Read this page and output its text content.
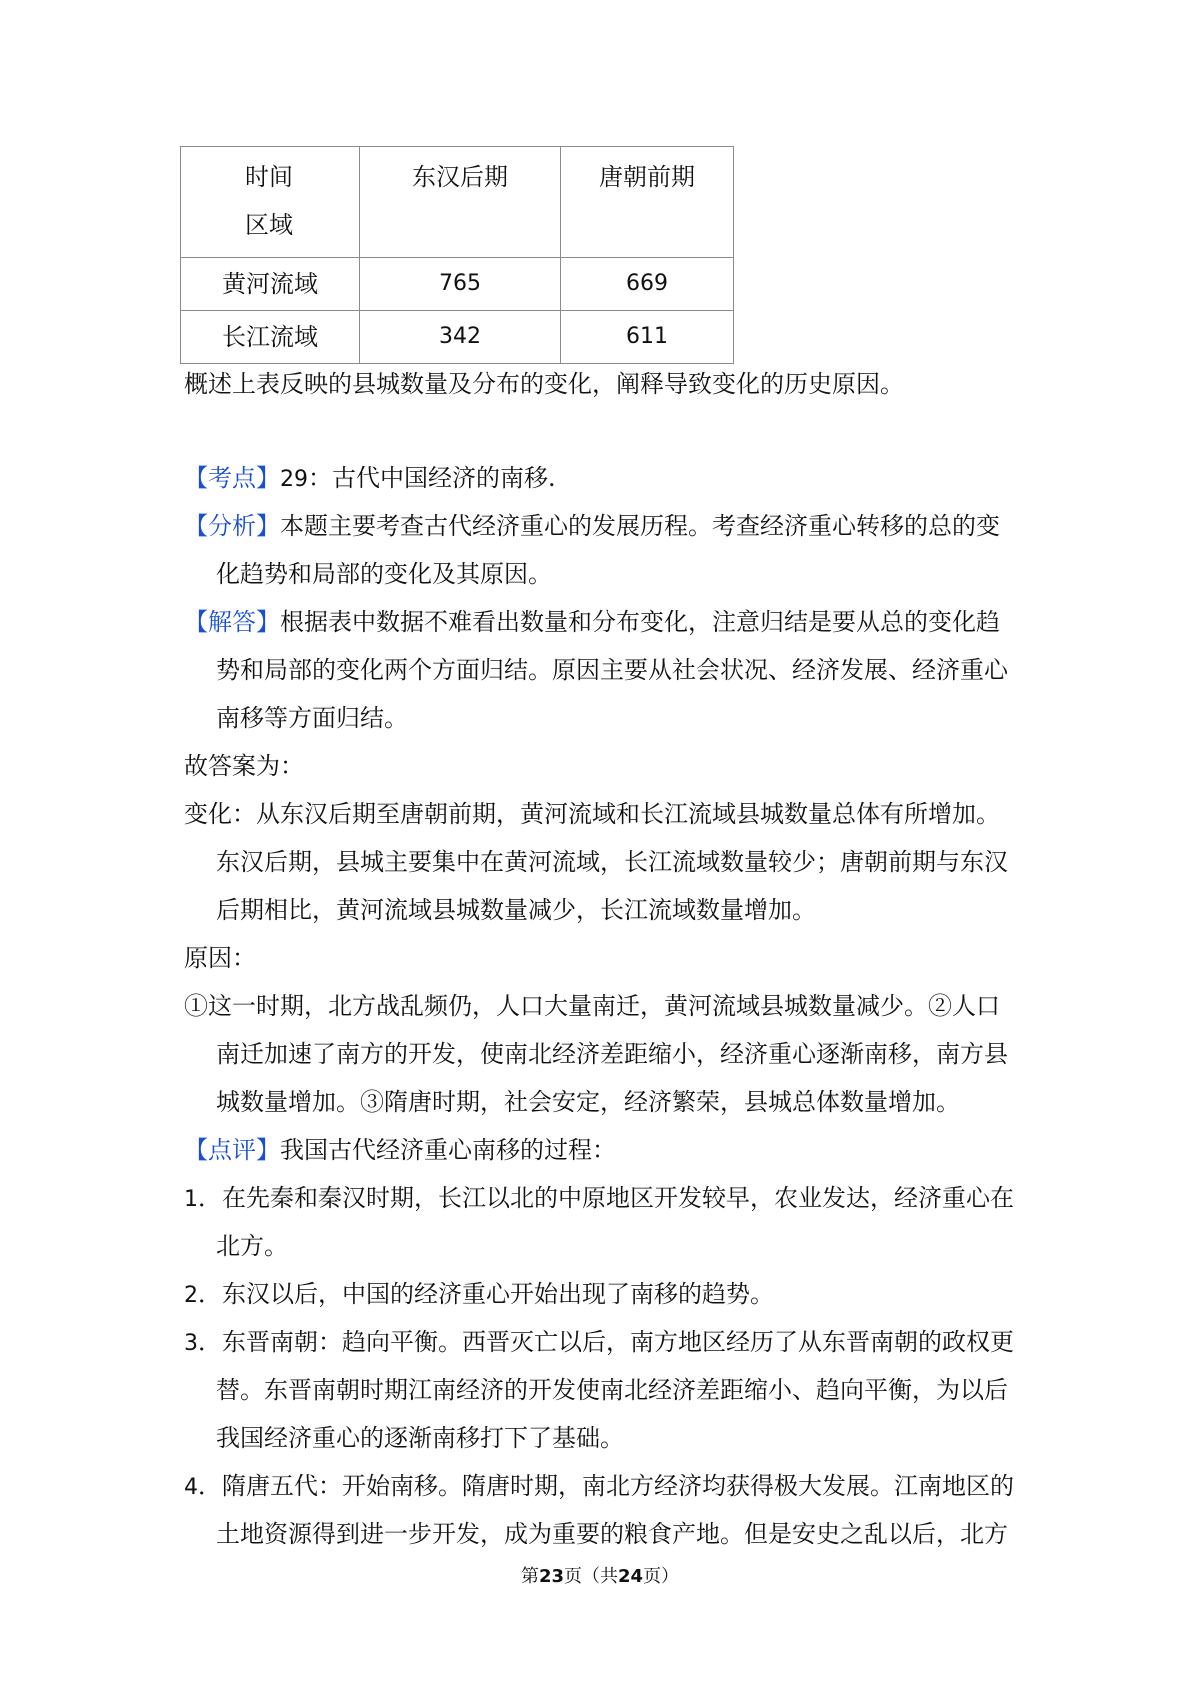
时间
区域	东汉后期	唐朝前期
黄河流域	765	669
长江流域	342	611
概述上表反映的县城数量及分布的变化，阐释导致变化的历史原因。
【考点】29：古代中国经济的南移.
【分析】本题主要考查古代经济重心的发展历程。考查经济重心转移的总的变
化趋势和局部的变化及其原因。
【解答】根据表中数据不难看出数量和分布变化，注意归结是要从总的变化趋
势和局部的变化两个方面归结。原因主要从社会状况、经济发展、经济重心
南移等方面归结。
故答案为：
变化：从东汉后期至唐朝前期，黄河流域和长江流域县城数量总体有所增加。
东汉后期，县城主要集中在黄河流域，长江流域数量较少；唐朝前期与东汉
后期相比，黄河流域县城数量减少，长江流域数量增加。
原因：
①这一时期，北方战乱频仍，人口大量南迁，黄河流域县城数量减少。②人口
南迁加速了南方的开发，使南北经济差距缩小，经济重心逐渐南移，南方县
城数量增加。③隋唐时期，社会安定，经济繁荣，县城总体数量增加。
【点评】我国古代经济重心南移的过程：
1．在先秦和秦汉时期，长江以北的中原地区开发较早，农业发达，经济重心在
北方。
2．东汉以后，中国的经济重心开始出现了南移的趋势。
3．东晋南朝：趋向平衡。西晋灭亡以后，南方地区经历了从东晋南朝的政权更
替。东晋南朝时期江南经济的开发使南北经济差距缩小、趋向平衡，为以后
我国经济重心的逐渐南移打下了基础。
4．隋唐五代：开始南移。隋唐时期，南北方经济均获得极大发展。江南地区的
土地资源得到进一步开发，成为重要的粮食产地。但是安史之乱以后，北方
第23页（共24页）
